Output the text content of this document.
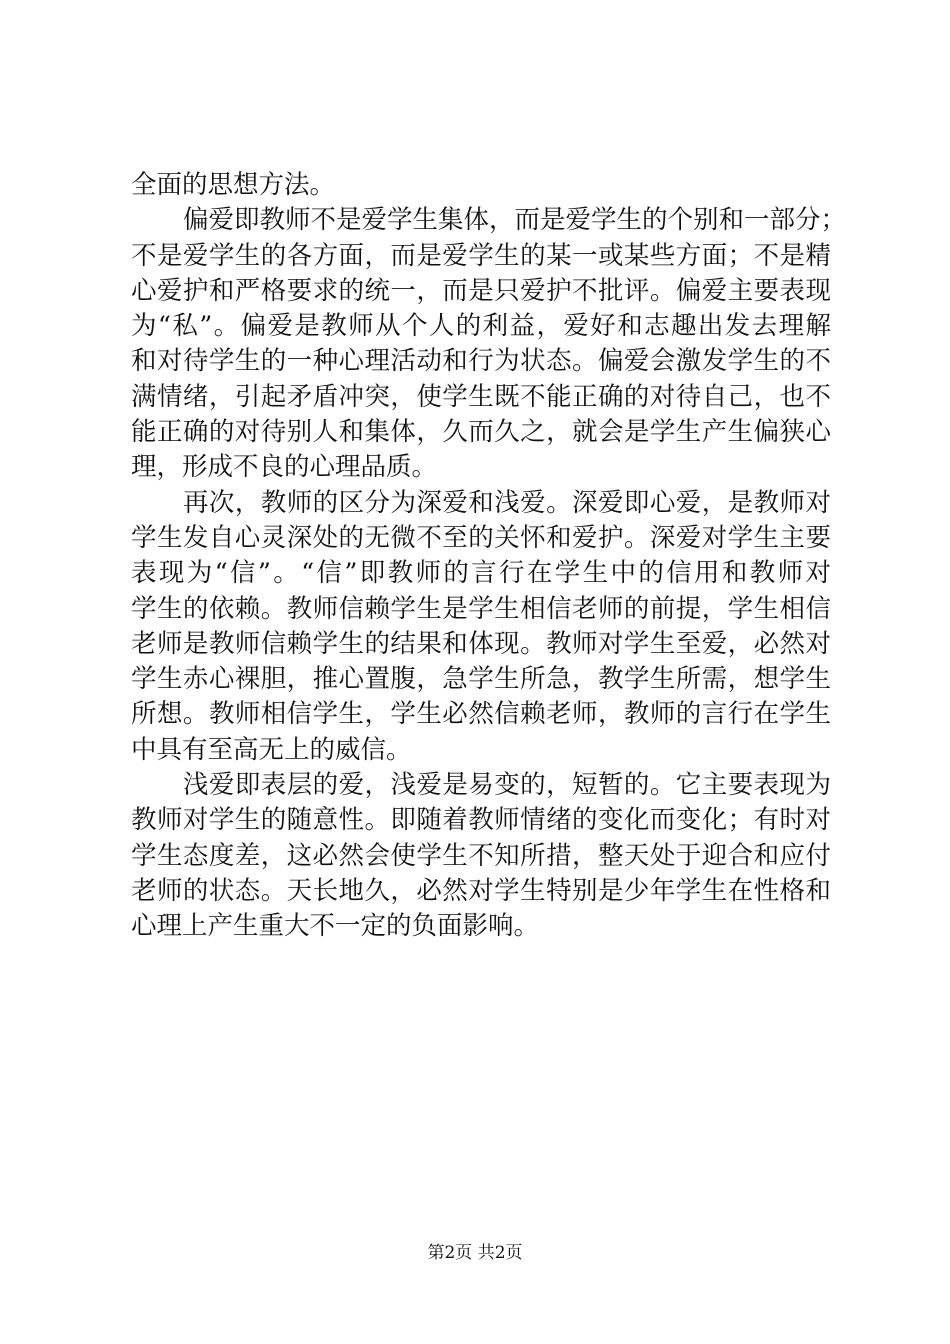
全面的思想方法。
偏爱即教师不是爱学生集体，而是爱学生的个别和一部分；
不是爱学生的各方面，而是爱学生的某一或某些方面；不是精
心爱护和严格要求的统一，而是只爱护不批评。偏爱主要表现
为“私”。偏爱是教师从个人的利益，爱好和志趣出发去理解
和对待学生的一种心理活动和行为状态。偏爱会激发学生的不
满情绪，引起矛盾冲突，使学生既不能正确的对待自己，也不
能正确的对待别人和集体，久而久之，就会是学生产生偏狭心
理，形成不良的心理品质。
再次，教师的区分为深爱和浅爱。深爱即心爱，是教师对
学生发自心灵深处的无微不至的关怀和爱护。深爱对学生主要
表现为“信”。“信”即教师的言行在学生中的信用和教师对
学生的依赖。教师信赖学生是学生相信老师的前提，学生相信
老师是教师信赖学生的结果和体现。教师对学生至爱，必然对
学生赤心裸胆，推心置腹，急学生所急，教学生所需，想学生
所想。教师相信学生，学生必然信赖老师，教师的言行在学生
中具有至高无上的威信。
浅爱即表层的爱，浅爱是易变的，短暂的。它主要表现为
教师对学生的随意性。即随着教师情绪的变化而变化；有时对
学生态度差，这必然会使学生不知所措，整天处于迎合和应付
老师的状态。天长地久，必然对学生特别是少年学生在性格和
心理上产生重大不一定的负面影响。
第2页 共2页
